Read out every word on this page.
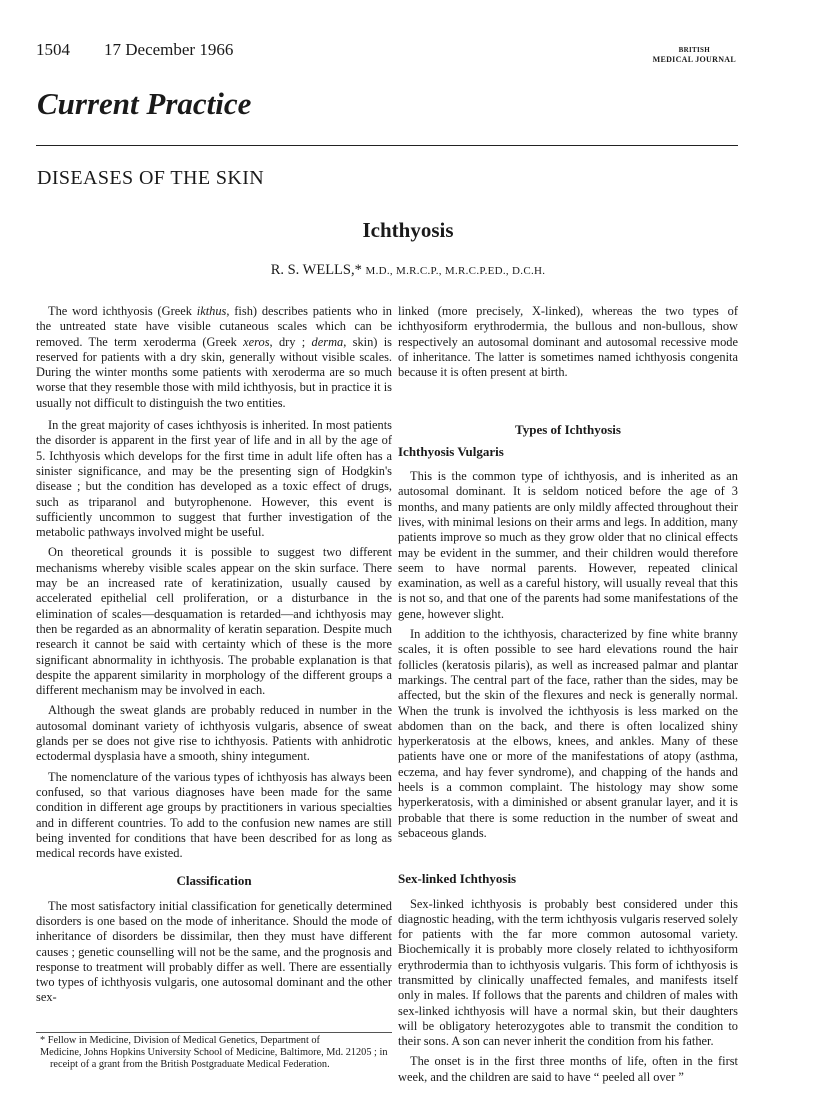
1504 17 December 1966	BRITISH
MEDICAL JOURNAL
Current Practice
DISEASES OF THE SKIN
Ichthyosis
R. S. WELLS,* M.D., M.R.C.P., M.R.C.P.ED., D.C.H.

The word ichthyosis (Greek ikthus, fish) describes patients who in the untreated state have visible cutaneous scales which can be removed. The term xeroderma (Greek xeros, dry ; derma, skin) is reserved for patients with a dry skin, generally without visible scales. During the winter months some patients with xeroderma are so much worse that they resemble those with mild ichthyosis, but in practice it is usually not difficult to distinguish the two entities.

In the great majority of cases ichthyosis is inherited. In most patients the disorder is apparent in the first year of life and in all by the age of 5. Ichthyosis which develops for the first time in adult life often has a sinister significance, and may be the presenting sign of Hodgkin's disease ; but the condition has developed as a toxic effect of drugs, such as triparanol and butyrophenone. However, this event is sufficiently uncommon to suggest that further investigation of the metabolic pathways involved might be useful.

On theoretical grounds it is possible to suggest two different mechanisms whereby visible scales appear on the skin surface. There may be an increased rate of keratinization, usually caused by accelerated epithelial cell proliferation, or a disturbance in the elimination of scales—desquamation is retarded—and ichthyosis may then be regarded as an abnormality of keratin separation. Despite much research it cannot be said with certainty which of these is the more significant abnormality in ichthyosis. The probable explanation is that despite the apparent similarity in morphology of the different groups a different mechanism may be involved in each.

Although the sweat glands are probably reduced in number in the autosomal dominant variety of ichthyosis vulgaris, absence of sweat glands per se does not give rise to ichthyosis. Patients with anhidrotic ectodermal dysplasia have a smooth, shiny integument.

The nomenclature of the various types of ichthyosis has always been confused, so that various diagnoses have been made for the same condition in different age groups by practitioners in various specialties and in different countries. To add to the confusion new names are still being invented for conditions that have been described for as long as medical records have existed.

Classification

The most satisfactory initial classification for genetically determined disorders is one based on the mode of inheritance. Should the mode of inheritance of disorders be dissimilar, then they must have different causes ; genetic counselling will not be the same, and the prognosis and response to treatment will probably differ as well. There are essentially two types of ichthyosis vulgaris, one autosomal dominant and the other sex-

* Fellow in Medicine, Division of Medical Genetics, Department of
Medicine, Johns Hopkins University School of Medicine, Baltimore, Md. 21205 ; in receipt of a grant from the British Postgraduate Medical Federation.

linked (more precisely, X-linked), whereas the two types of ichthyosiform erythrodermia, the bullous and non-bullous, show respectively an autosomal dominant and autosomal recessive mode of inheritance. The latter is sometimes named ichthyosis congenita because it is often present at birth.

Types of Ichthyosis
Ichthyosis Vulgaris

This is the common type of ichthyosis, and is inherited as an autosomal dominant. It is seldom noticed before the age of 3 months, and many patients are only mildly affected throughout their lives, with minimal lesions on their arms and legs. In addition, many patients improve so much as they grow older that no clinical effects may be evident in the summer, and their children would therefore seem to have normal parents. However, repeated clinical examination, as well as a careful history, will usually reveal that this is not so, and that one of the parents had some manifestations of the gene, however slight.

In addition to the ichthyosis, characterized by fine white branny scales, it is often possible to see hard elevations round the hair follicles (keratosis pilaris), as well as increased palmar and plantar markings. The central part of the face, rather than the sides, may be affected, but the skin of the flexures and neck is generally normal. When the trunk is involved the ichthyosis is less marked on the abdomen than on the back, and there is often localized shiny hyperkeratosis at the elbows, knees, and ankles. Many of these patients have one or more of the manifestations of atopy (asthma, eczema, and hay fever syndrome), and chapping of the hands and heels is a common complaint. The histology may show some hyperkeratosis, with a diminished or absent granular layer, and it is probable that there is some reduction in the number of sweat and sebaceous glands.

Sex-linked Ichthyosis

Sex-linked ichthyosis is probably best considered under this diagnostic heading, with the term ichthyosis vulgaris reserved solely for patients with the far more common autosomal variety. Biochemically it is probably more closely related to ichthyosiform erythrodermia than to ichthyosis vulgaris. This form of ichthyosis is transmitted by clinically unaffected females, and manifests itself only in males. If follows that the parents and children of males with sex-linked ichthyosis will have a normal skin, but their daughters will be obligatory heterozygotes able to transmit the condition to their sons. A son can never inherit the condition from his father.

The onset is in the first three months of life, often in the first week, and the children are said to have “ peeled all over ”
